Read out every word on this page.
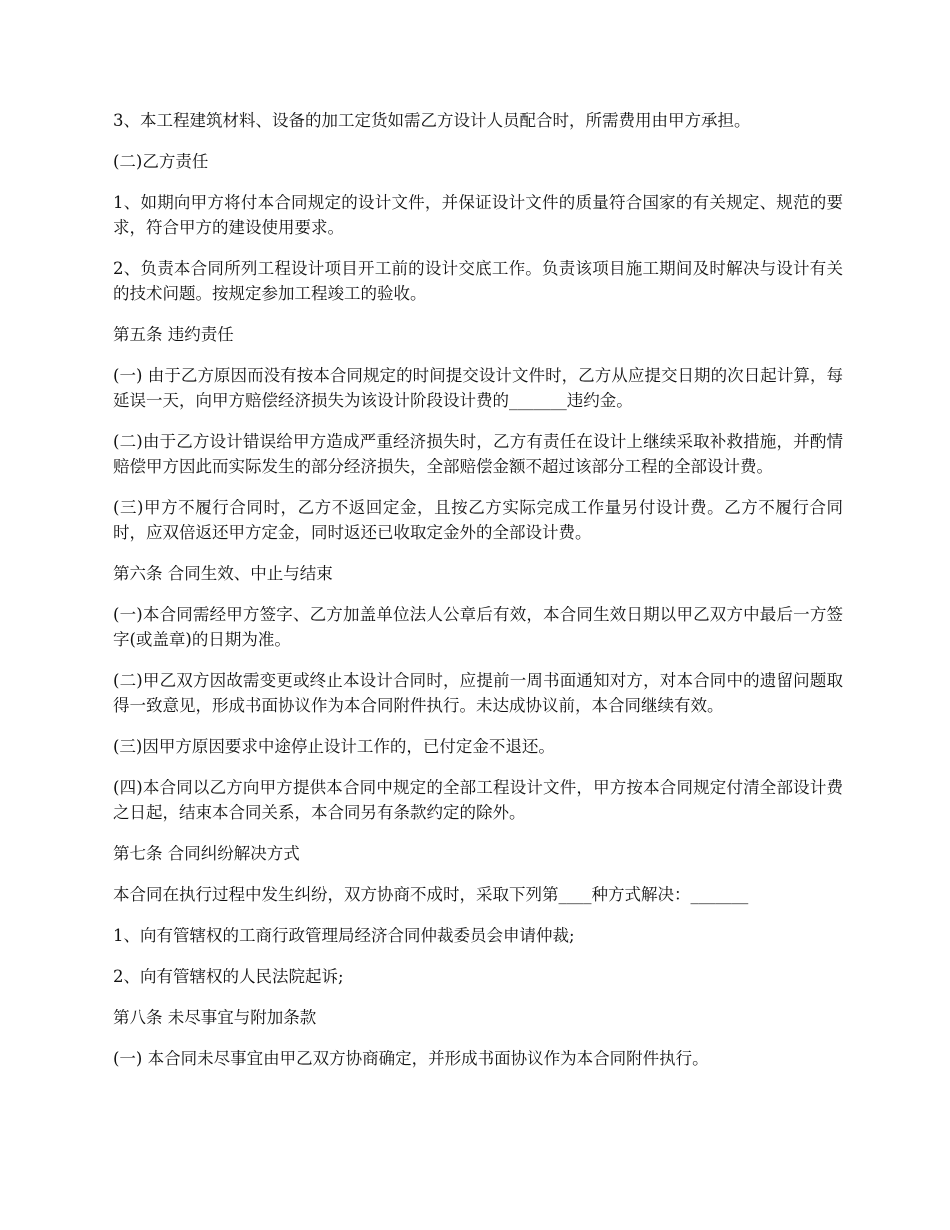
3、本工程建筑材料、设备的加工定货如需乙方设计人员配合时，所需费用由甲方承担。

(二)乙方责任

1、如期向甲方将付本合同规定的设计文件，并保证设计文件的质量符合国家的有关规定、规范的要求，符合甲方的建设使用要求。

2、负责本合同所列工程设计项目开工前的设计交底工作。负责该项目施工期间及时解决与设计有关的技术问题。按规定参加工程竣工的验收。

第五条 违约责任

(一) 由于乙方原因而没有按本合同规定的时间提交设计文件时，乙方从应提交日期的次日起计算，每延误一天，向甲方赔偿经济损失为该设计阶段设计费的_______违约金。

(二)由于乙方设计错误给甲方造成严重经济损失时，乙方有责任在设计上继续采取补救措施，并酌情赔偿甲方因此而实际发生的部分经济损失，全部赔偿金额不超过该部分工程的全部设计费。

(三)甲方不履行合同时，乙方不返回定金，且按乙方实际完成工作量另付设计费。乙方不履行合同时，应双倍返还甲方定金，同时返还已收取定金外的全部设计费。

第六条 合同生效、中止与结束

(一)本合同需经甲方签字、乙方加盖单位法人公章后有效，本合同生效日期以甲乙双方中最后一方签字(或盖章)的日期为准。

(二)甲乙双方因故需变更或终止本设计合同时，应提前一周书面通知对方，对本合同中的遗留问题取得一致意见，形成书面协议作为本合同附件执行。未达成协议前，本合同继续有效。

(三)因甲方原因要求中途停止设计工作的，已付定金不退还。

(四)本合同以乙方向甲方提供本合同中规定的全部工程设计文件，甲方按本合同规定付清全部设计费之日起，结束本合同关系，本合同另有条款约定的除外。

第七条 合同纠纷解决方式

本合同在执行过程中发生纠纷，双方协商不成时，采取下列第____种方式解决：_______

1、向有管辖权的工商行政管理局经济合同仲裁委员会申请仲裁;

2、向有管辖权的人民法院起诉;

第八条 未尽事宜与附加条款

(一) 本合同未尽事宜由甲乙双方协商确定，并形成书面协议作为本合同附件执行。
